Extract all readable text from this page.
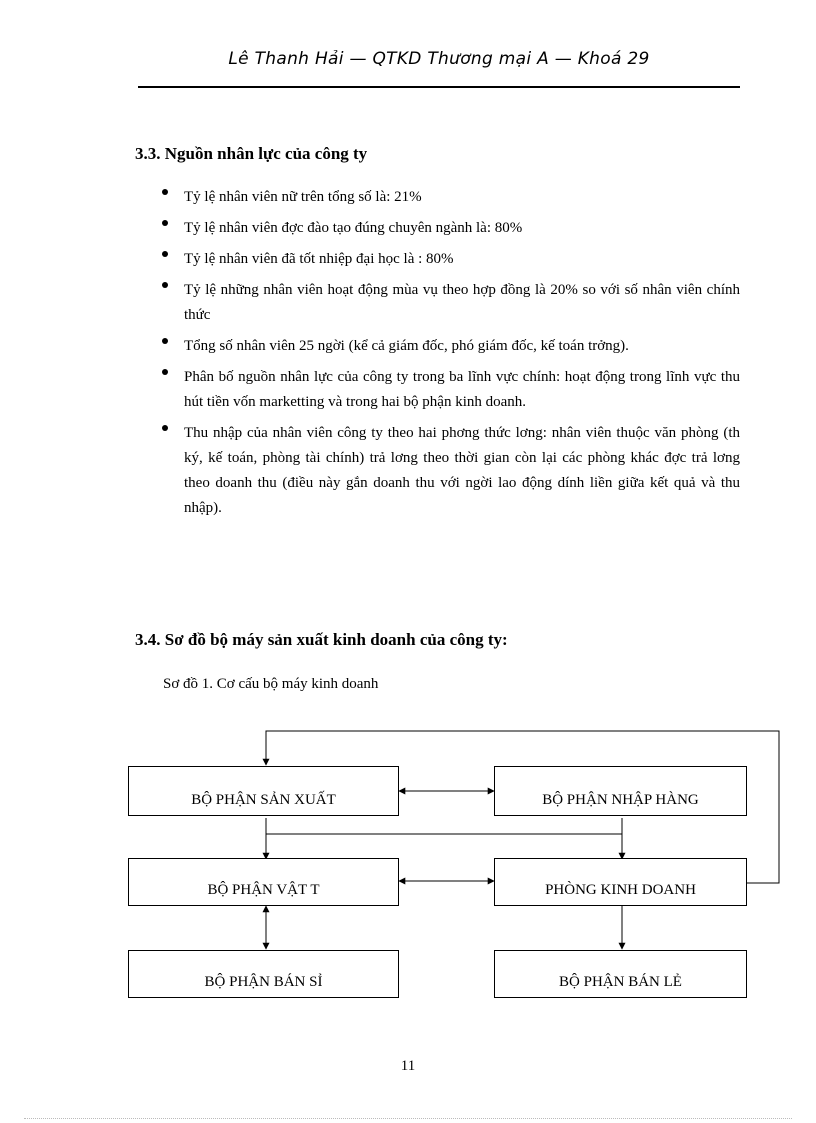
Lê Thanh Hải — QTKD Thương mại A — Khoá 29
3.3. Nguồn nhân lực của công ty
Tỷ lệ nhân viên nữ trên tổng số là: 21%
Tỷ lệ nhân viên đợc đào tạo đúng chuyên ngành là: 80%
Tỷ lệ nhân viên đã tốt nhiệp đại học là : 80%
Tỷ lệ những nhân viên hoạt động mùa vụ theo hợp đồng là 20% so với số nhân viên chính thức
Tổng số nhân viên 25 ngời (kể cả giám đốc, phó giám đốc, kế toán trởng).
Phân bố nguồn nhân lực của công ty trong ba lĩnh vực chính: hoạt động trong lĩnh vực thu hút tiền vốn marketting và trong hai bộ phận kinh doanh.
Thu nhập của nhân viên công ty theo hai phơng thức lơng: nhân viên thuộc văn phòng (th ký, kế toán, phòng tài chính) trả lơng theo thời gian còn lại các phòng khác đợc trả lơng theo doanh thu (điều này gắn doanh thu với ngời lao động dính liền giữa kết quả và thu nhập).
3.4. Sơ đồ bộ máy sản xuất kinh doanh của công ty:
Sơ đồ 1. Cơ cấu bộ máy kinh doanh
BỘ PHẬN SẢN XUẤT	BỘ PHẬN NHẬP HÀNG
BỘ PHẬN VẬT T	PHÒNG KINH DOANH
BỘ PHẬN BÁN SỈ	BỘ PHẬN BÁN LẺ
11
